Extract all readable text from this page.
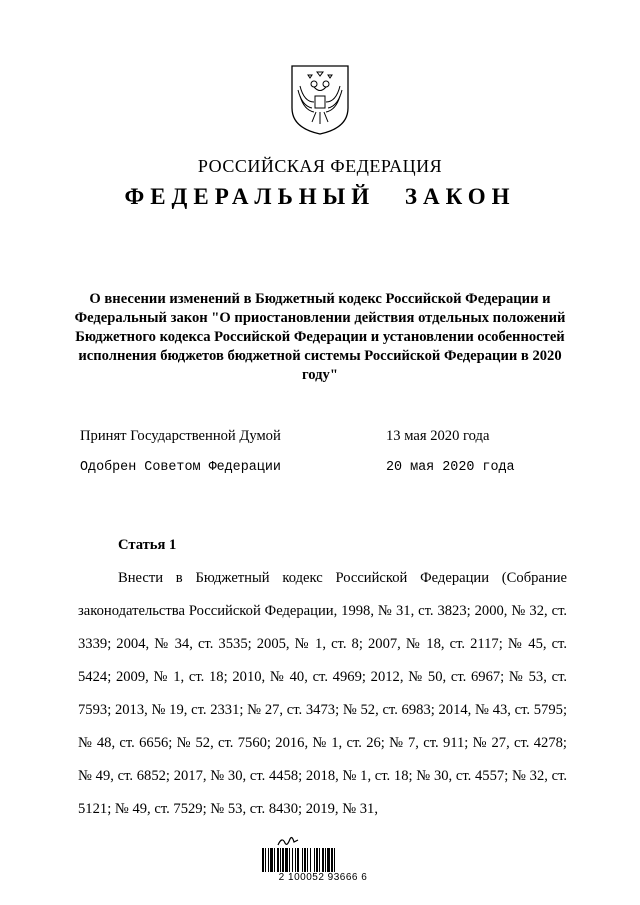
РОССИЙСКАЯ ФЕДЕРАЦИЯ
ФЕДЕРАЛЬНЫЙ ЗАКОН

О внесении изменений в Бюджетный кодекс Российской Федерации и Федеральный закон "О приостановлении действия отдельных положений Бюджетного кодекса Российской Федерации и установлении особенностей исполнения бюджетов бюджетной системы Российской Федерации в 2020 году"

Принят Государственной Думой	13 мая 2020 года
Одобрен Советом Федерации	20 мая 2020 года
Статья 1

Внести в Бюджетный кодекс Российской Федерации (Собрание законодательства Российской Федерации, 1998, № 31, ст. 3823; 2000, № 32, ст. 3339; 2004, № 34, ст. 3535; 2005, № 1, ст. 8; 2007, № 18, ст. 2117; № 45, ст. 5424; 2009, № 1, ст. 18; 2010, № 40, ст. 4969; 2012, № 50, ст. 6967; № 53, ст. 7593; 2013, № 19, ст. 2331; № 27, ст. 3473; № 52, ст. 6983; 2014, № 43, ст. 5795; № 48, ст. 6656; № 52, ст. 7560; 2016, № 1, ст. 26; № 7, ст. 911; № 27, ст. 4278; № 49, ст. 6852; 2017, № 30, ст. 4458; 2018, № 1, ст. 18; № 30, ст. 4557; № 32, ст. 5121; № 49, ст. 7529; № 53, ст. 8430; 2019, № 31,

2 100052 93666 6
